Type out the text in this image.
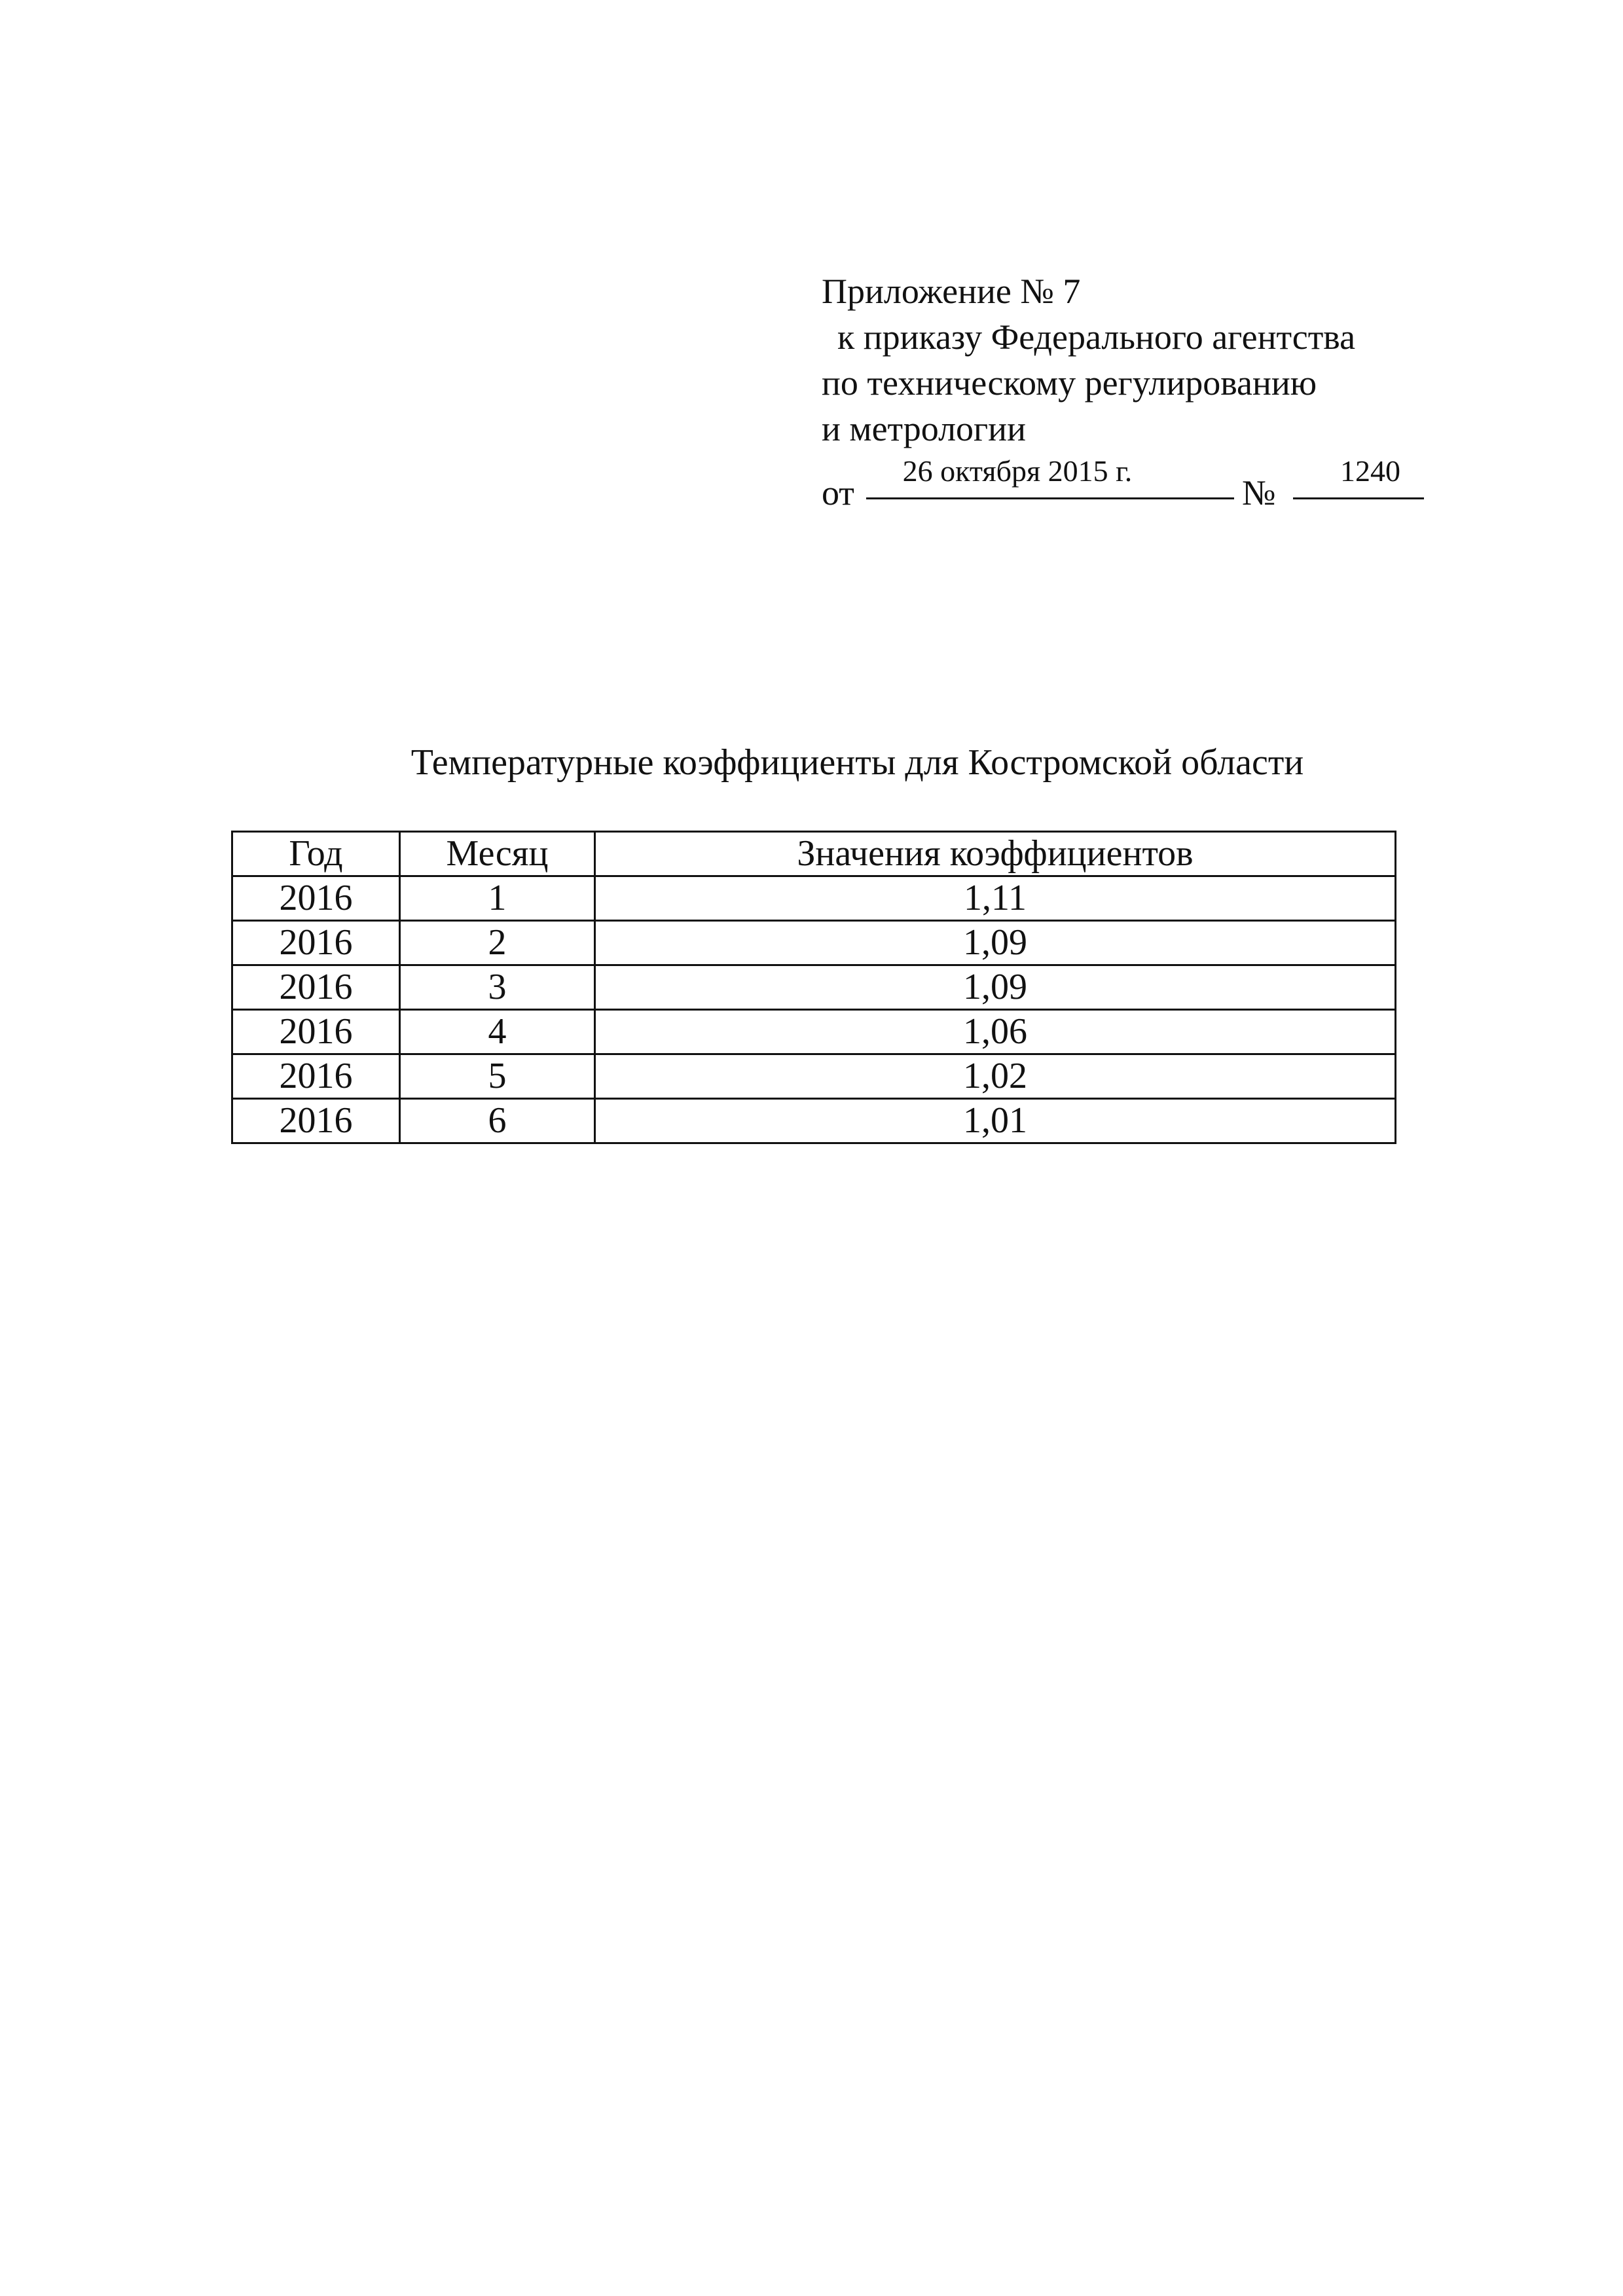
Приложение № 7
к приказу Федерального агентства
по техническому регулированию
и метрологии
от
26 октября 2015 г.
№
1240
Температурные коэффициенты для Костромской области
Год	Месяц	Значения коэффициентов
2016	1	1,11
2016	2	1,09
2016	3	1,09
2016	4	1,06
2016	5	1,02
2016	6	1,01
